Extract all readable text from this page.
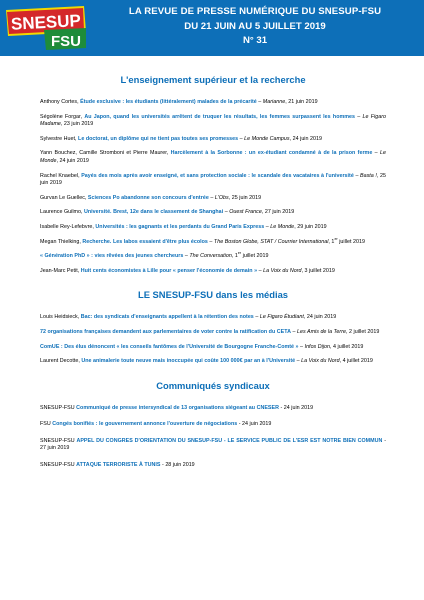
SNESUP
FSU
LA REVUE DE PRESSE NUMÉRIQUE DU SNESUP-FSU
DU 21 JUIN AU 5 JUILLET 2019
N° 31
L'enseignement supérieur et la recherche

Anthony Cortes, Étude exclusive : les étudiants (littéralement) malades de la précarité – Marianne, 21 juin 2019

Ségolène Forgar, Au Japon, quand les universités arrêtent de truquer les résultats, les femmes surpassent les hommes – Le Figaro Madame, 23 juin 2019

Sylvestre Huet, Le doctorat, un diplôme qui ne tient pas toutes ses promesses – Le Monde Campus, 24 juin 2019

Yann Bouchez, Camille Stromboni et Pierre Maurer, Harcèlement à la Sorbonne : un ex-étudiant condamné à de la prison ferme – Le Monde, 24 juin 2019

Rachel Knaebel, Payés des mois après avoir enseigné, et sans protection sociale : le scandale des vacataires à l'université – Basta !, 25 juin 2019

Gurvan Le Guellec, Sciences Po abandonne son concours d'entrée – L'Obs, 25 juin 2019

Laurence Guilmo, Université. Brest, 12e dans le classement de Shanghai – Ouest France, 27 juin 2019

Isabelle Rey-Lefebvre, Universités : les gagnants et les perdants du Grand Paris Express – Le Monde, 29 juin 2019

Megan Thielking, Recherche. Les labos essaient d'être plus écolos – The Boston Globe, STAT / Courrier International, 1er juillet 2019

« Génération PhD » : vies rêvées des jeunes chercheurs – The Conversation, 1er juillet 2019

Jean-Marc Petit, Huit cents économistes à Lille pour « penser l'économie de demain » – La Voix du Nord, 3 juillet 2019

LE SNESUP-FSU dans les médias

Louis Heidsieck, Bac: des syndicats d'enseignants appellent à la rétention des notes – Le Figaro Étudiant, 24 juin 2019

72 organisations françaises demandent aux parlementaires de voter contre la ratification du CETA – Les Amis de la Terre, 2 juillet 2019

ComUE : Des élus dénoncent « les conseils fantômes de l'Université de Bourgogne Franche-Comté » – Infos Dijon, 4 juillet 2019

Laurent Decotte, Une animalerie toute neuve mais inoccupée qui coûte 100 000€ par an à l'Université – La Voix du Nord, 4 juillet 2019

Communiqués syndicaux

SNESUP-FSU Communiqué de presse intersyndical de 13 organisations siégeant au CNESER - 24 juin 2019

FSU Congés bonifiés : le gouvernement annonce l'ouverture de négociations - 24 juin 2019

SNESUP-FSU APPEL DU CONGRES D'ORIENTATION DU SNESUP-FSU - LE SERVICE PUBLIC DE L'ESR EST NOTRE BIEN COMMUN - 27 juin 2019

SNESUP-FSU ATTAQUE TERRORISTE À TUNIS - 28 juin 2019
